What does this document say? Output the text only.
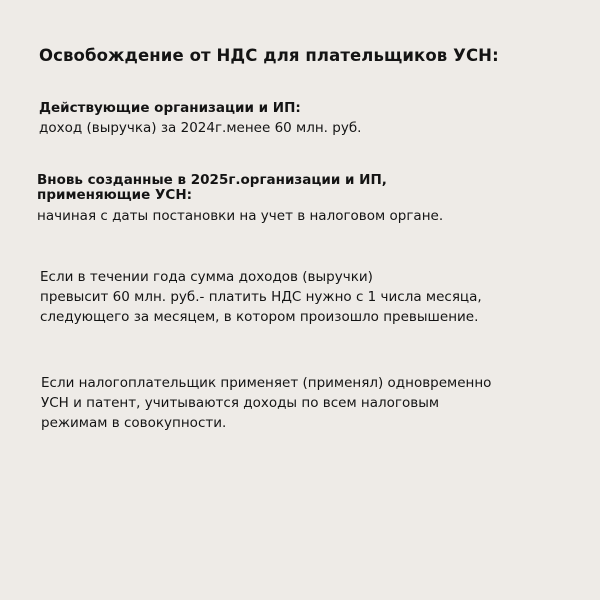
Освобождение от НДС для плательщиков УСН:
Действующие организации и ИП:
доход (выручка) за 2024г.менее 60 млн. руб.
Вновь созданные в 2025г.организации и ИП,
применяющие УСН:
начиная с даты постановки на учет в налоговом органе.
Если в течении года сумма доходов (выручки)
превысит 60 млн. руб.- платить НДС нужно с 1 числа месяца,
следующего за месяцем, в котором произошло превышение.
Если налогоплательщик применяет (применял) одновременно
УСН и патент, учитываются доходы по всем налоговым
режимам в совокупности.
